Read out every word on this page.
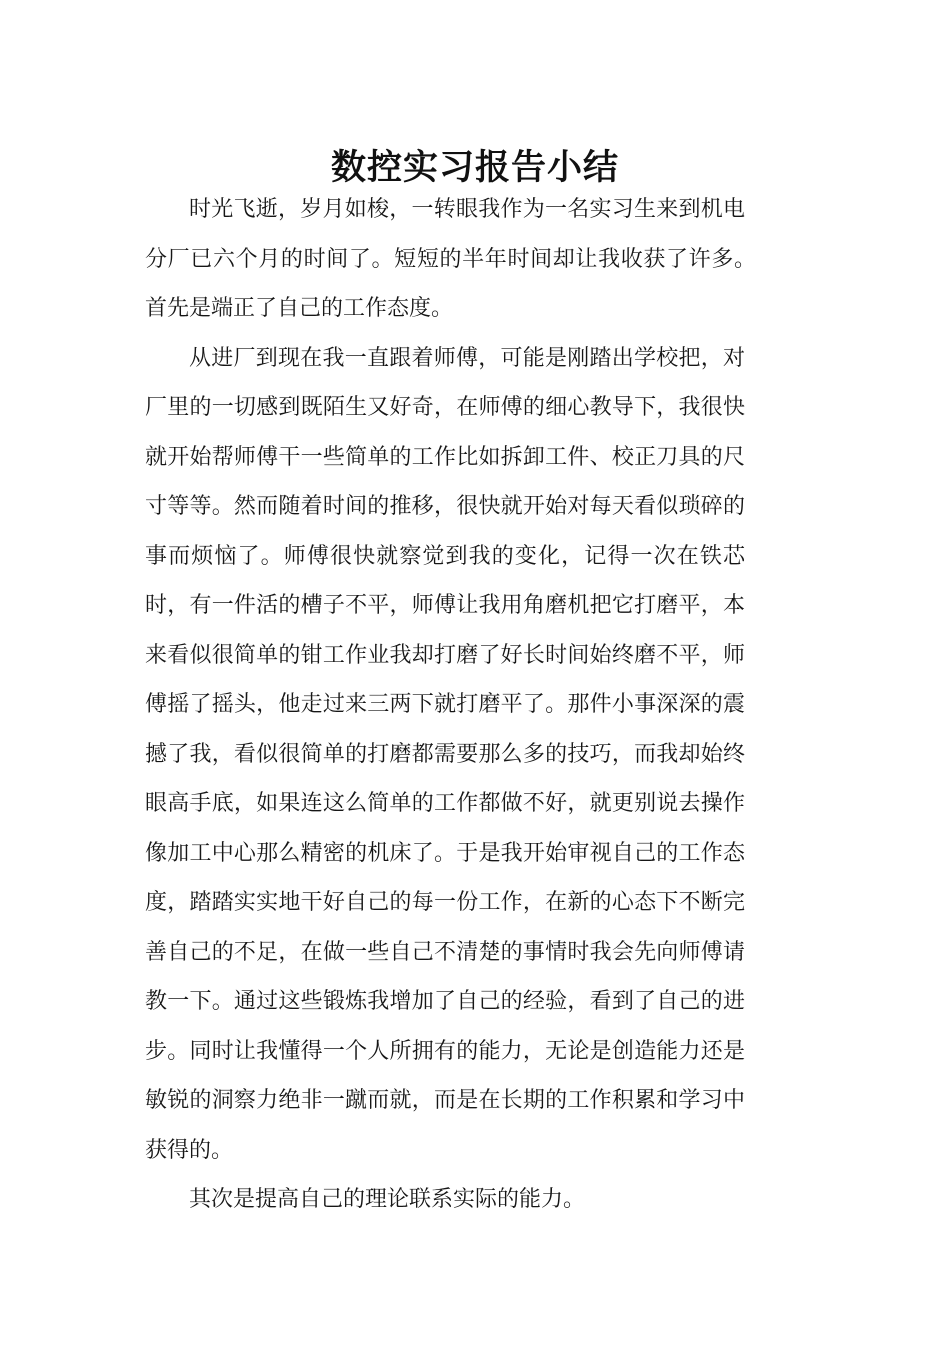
数控实习报告小结

时光飞逝，岁月如梭，一转眼我作为一名实习生来到机电分厂已六个月的时间了。短短的半年时间却让我收获了许多。　首先是端正了自己的工作态度。

从进厂到现在我一直跟着师傅，可能是刚踏出学校把，对厂里的一切感到既陌生又好奇，在师傅的细心教导下，我很快就开始帮师傅干一些简单的工作比如拆卸工件、校正刀具的尺寸等等。然而随着时间的推移，很快就开始对每天看似琐碎的事而烦恼了。师傅很快就察觉到我的变化，记得一次在铁芯时，有一件活的槽子不平，师傅让我用角磨机把它打磨平，本来看似很简单的钳工作业我却打磨了好长时间始终磨不平，师傅摇了摇头，他走过来三两下就打磨平了。那件小事深深的震撼了我，看似很简单的打磨都需要那么多的技巧，而我却始终眼高手底，如果连这么简单的工作都做不好，就更别说去操作像加工中心那么精密的机床了。于是我开始审视自己的工作态度，踏踏实实地干好自己的每一份工作，在新的心态下不断完善自己的不足，在做一些自己不清楚的事情时我会先向师傅请教一下。通过这些锻炼我增加了自己的经验，看到了自己的进步。同时让我懂得一个人所拥有的能力，无论是创造能力还是敏锐的洞察力绝非一蹴而就，而是在长期的工作积累和学习中获得的。

其次是提高自己的理论联系实际的能力。
